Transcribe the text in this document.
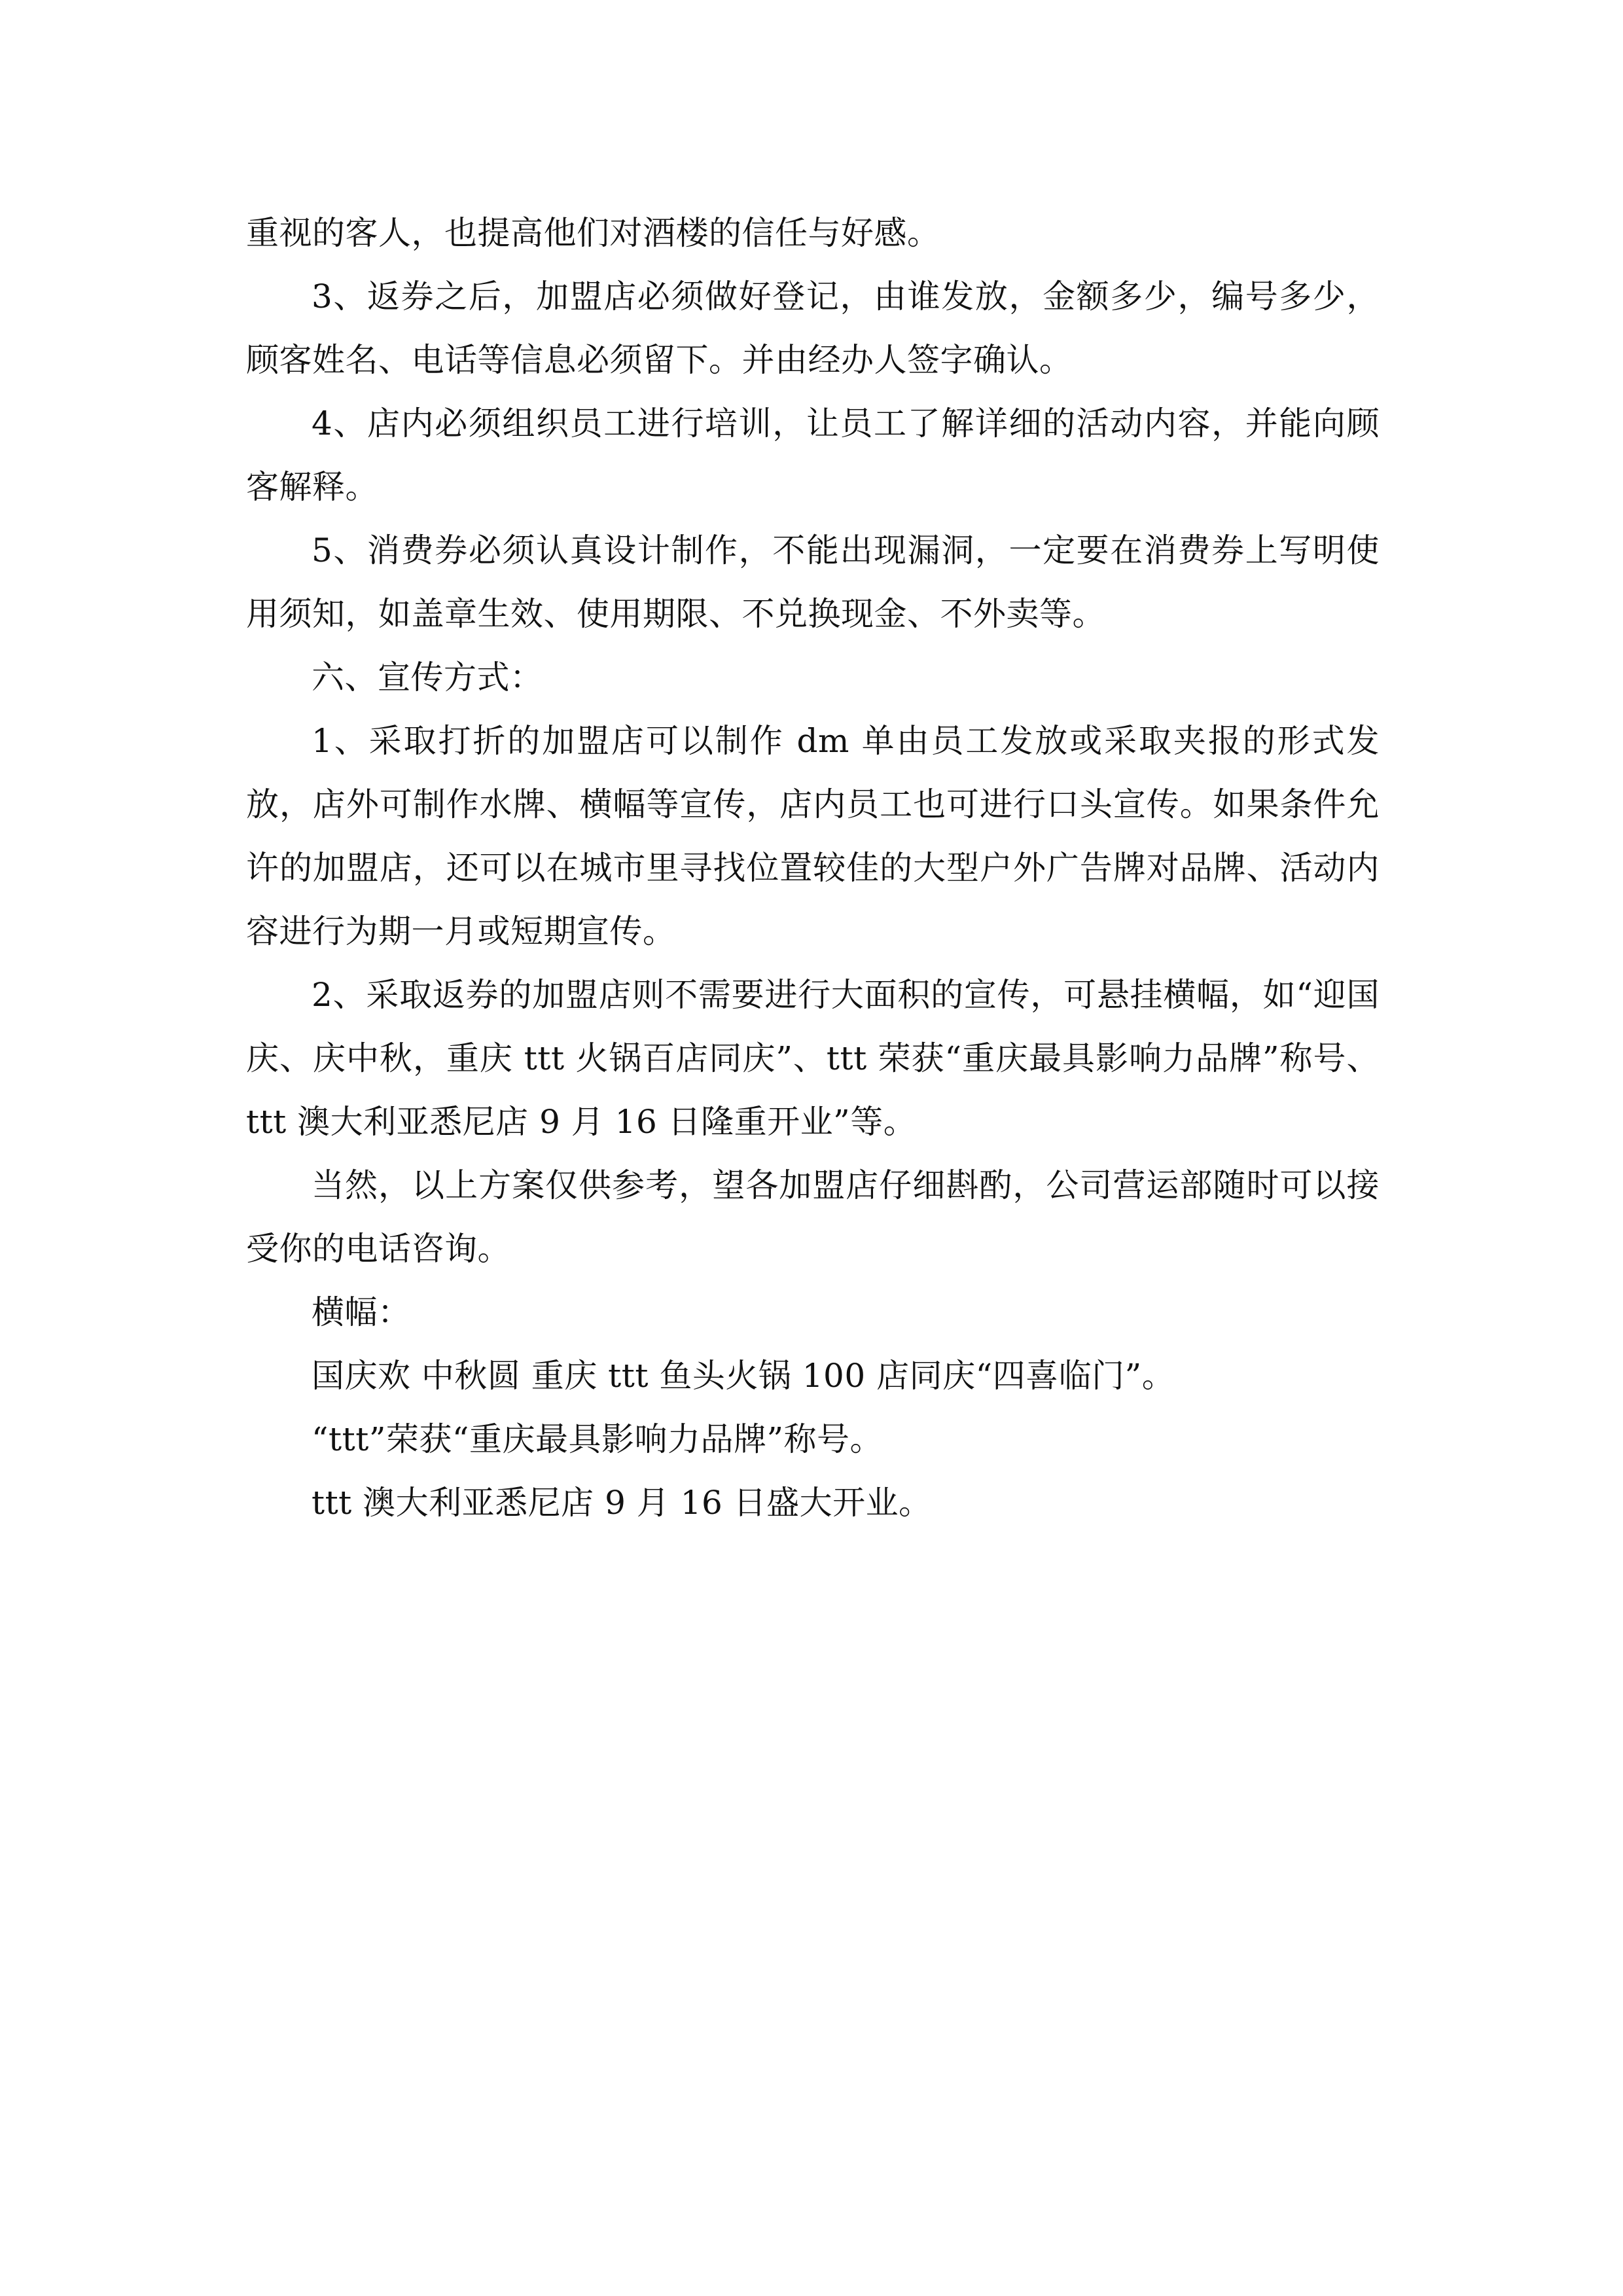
重视的客人，也提高他们对酒楼的信任与好感。

3、返券之后，加盟店必须做好登记，由谁发放，金额多少，编号多少，顾客姓名、电话等信息必须留下。并由经办人签字确认。

4、店内必须组织员工进行培训，让员工了解详细的活动内容，并能向顾客解释。

5、消费券必须认真设计制作，不能出现漏洞，一定要在消费券上写明使用须知，如盖章生效、使用期限、不兑换现金、不外卖等。

六、宣传方式：

1、采取打折的加盟店可以制作 dm 单由员工发放或采取夹报的形式发放，店外可制作水牌、横幅等宣传，店内员工也可进行口头宣传。如果条件允许的加盟店，还可以在城市里寻找位置较佳的大型户外广告牌对品牌、活动内容进行为期一月或短期宣传。

2、采取返券的加盟店则不需要进行大面积的宣传，可悬挂横幅，如“迎国庆、庆中秋，重庆 ttt 火锅百店同庆”、ttt 荣获“重庆最具影响力品牌”称号、ttt 澳大利亚悉尼店 9 月 16 日隆重开业”等。

当然，以上方案仅供参考，望各加盟店仔细斟酌，公司营运部随时可以接受你的电话咨询。

横幅：

国庆欢 中秋圆 重庆 ttt 鱼头火锅 100 店同庆“四喜临门”。

“ttt”荣获“重庆最具影响力品牌”称号。

ttt 澳大利亚悉尼店 9 月 16 日盛大开业。
